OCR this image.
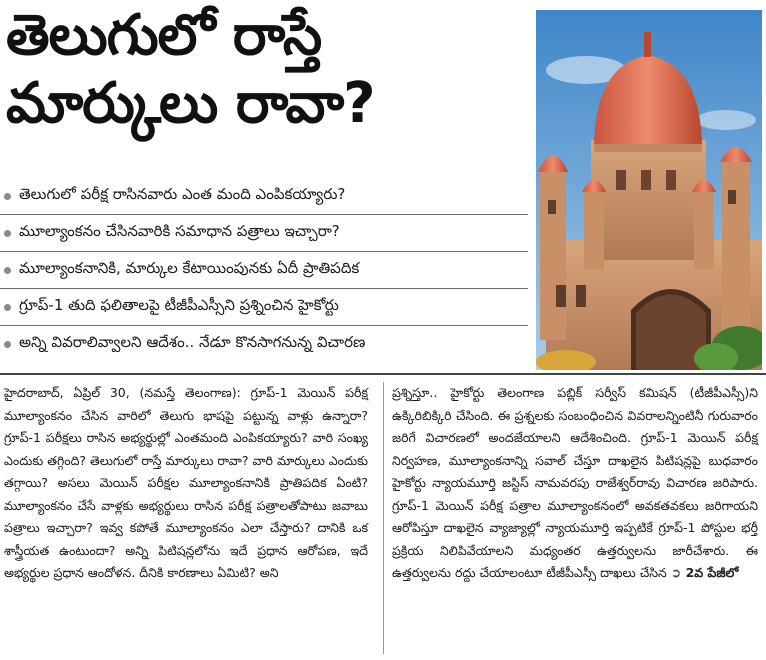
తెలుగులో రాస్తే
మార్కులు రావా?
తెలుగులో పరీక్ష రాసినవారు ఎంత మంది ఎంపికయ్యారు?
మూల్యాంకనం చేసినవారికి సమాధాన పత్రాలు ఇచ్చారా?
మూల్యాంకనానికి, మార్కుల కేటాయింపునకు ఏదీ ప్రాతిపదిక
గ్రూప్‌-1 తుది ఫలితాలపై టీజీపీఎస్సీని ప్రశ్నించిన హైకోర్టు
అన్ని వివరాలివ్వాలని ఆదేశం.. నేడూ కొనసాగనున్న విచారణ

హైదరాబాద్‌, ఏప్రిల్‌ 30, (నమస్తే తెలంగాణ): గ్రూప్‌-1 మెయిన్‌ పరీక్ష మూల్యాంకనం చేసిన వారిలో తెలుగు భాషపై పట్టున్న వాళ్లు ఉన్నారా? గ్రూప్‌-1 పరీక్షలు రాసిన అభ్యర్థుల్లో ఎంతమంది ఎంపికయ్యారు? వారి సంఖ్య ఎందుకు తగ్గింది? తెలుగులో రాస్తే మార్కులు రావా? వారి మార్కులు ఎందుకు తగ్గాయి? అసలు మెయిన్‌ పరీక్షల మూల్యాంకనానికి ప్రాతిపదిక ఏంటి? మూల్యాంకనం చేసే వాళ్లకు అభ్యర్థులు రాసిన పరీక్ష పత్రాలతోపాటు జవాబు పత్రాలు ఇచ్చారా? ఇవ్వ కపోతే మూల్యాంకనం ఎలా చేస్తారు? దానికి ఒక శాస్త్రీయత ఉంటుందా? అన్ని పిటిషన్లలోను ఇదే ప్రధాన ఆరోపణ, ఇదే అభ్యర్థుల ప్రధాన ఆందోళన. దీనికి కారణాలు ఏమిటి? అని

ప్రశ్నిస్తూ.. హైకోర్టు తెలంగాణ పబ్లిక్‌ సర్వీస్‌ కమిషన్‌ (టీజీపీఎస్సీ)ని ఉక్కిరిబిక్కిరి చేసింది. ఈ ప్రశ్నలకు సంబంధించిన వివరాలన్నింటినీ గురువారం జరిగే విచారణలో అందజేయాలని ఆదేశించింది. గ్రూప్‌-1 మెయిన్‌ పరీక్ష నిర్వహణ, మూల్యాంకనాన్ని సవాల్‌ చేస్తూ దాఖలైన పిటిషన్లపై బుధవారం హైకోర్టు న్యాయమూర్తి జస్టిస్‌ నామవరపు రాజేశ్వర్‌రావు విచారణ జరిపారు. గ్రూప్‌-1 మెయిన్‌ పరీక్ష పత్రాల మూల్యాంకనంలో అవకతవకలు జరిగాయని ఆరోపిస్తూ దాఖలైన వ్యాజ్యాల్లో న్యాయమూర్తి ఇప్పటికే గ్రూప్‌-1 పోస్టుల భర్తీ ప్రక్రియ నిలిపివేయాలని మధ్యంతర ఉత్తర్వులను జారీచేశారు. ఈ ఉత్తర్వులను రద్దు చేయాలంటూ టీజీపీఎస్సీ దాఖలు చేసిన ➲ 2వ పేజీలో
